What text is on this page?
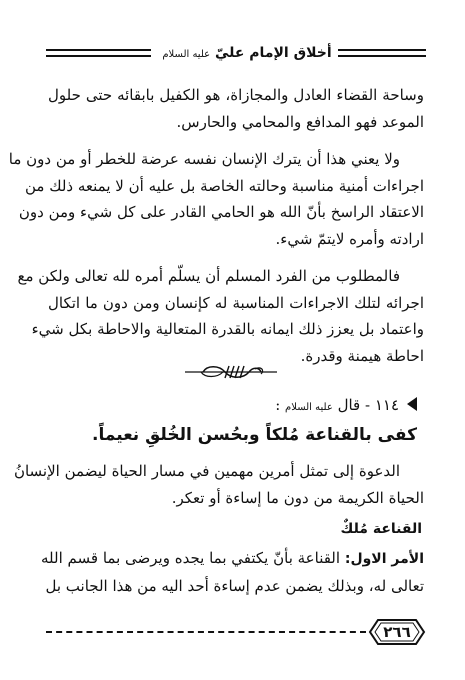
أخلاق الإمام عليّ عليه السلام

وساحة القضاء العادل والمجازاة، هو الكفيل بابقائه حتى حلول
الموعد فهو المدافع والمحامي والحارس.

ولا يعني هذا أن يترك الإنسان نفسه عرضة للخطر أو من دون ما
اجراءات أمنية مناسبة وحالته الخاصة بل عليه أن لا يمنعه ذلك من
الاعتقاد الراسخ بأنّ الله هو الحامي القادر على كل شيء ومن دون
ارادته وأمره لايتمّ شيء.

فالمطلوب من الفرد المسلم أن يسلّم أمره لله تعالى ولكن مع
اجرائه لتلك الاجراءات المناسبة له كإنسان ومن دون ما اتكال
واعتماد بل يعزز ذلك ايمانه بالقدرة المتعالية والاحاطة بكل شيء
احاطة هيمنة وقدرة.

١١٤ - قال عليه السلام :
كفى بالقناعة مُلكاً وبحُسن الخُلقِ نعيماً.

الدعوة إلى تمثل أمرين مهمين في مسار الحياة ليضمن الإنسانُ
الحياة الكريمة من دون ما إساءة أو تعكر.

القناعة مُلكٌ

الأمر الاول: القناعة بأنّ يكتفي بما يجده ويرضى بما قسم الله
تعالى له، وبذلك يضمن عدم إساءة أحد اليه من هذا الجانب بل

٢٦٦
